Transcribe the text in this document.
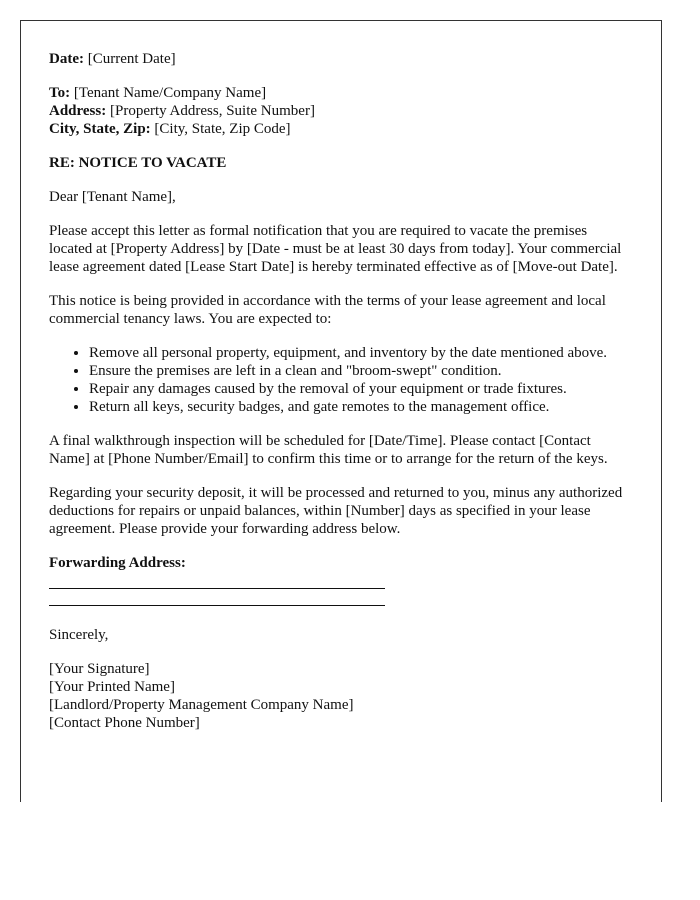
Date: [Current Date]

To: [Tenant Name/Company Name]
Address: [Property Address, Suite Number]
City, State, Zip: [City, State, Zip Code]

RE: NOTICE TO VACATE

Dear [Tenant Name],

Please accept this letter as formal notification that you are required to vacate the premises located at [Property Address] by [Date - must be at least 30 days from today]. Your commercial lease agreement dated [Lease Start Date] is hereby terminated effective as of [Move-out Date].

This notice is being provided in accordance with the terms of your lease agreement and local commercial tenancy laws. You are expected to:

• Remove all personal property, equipment, and inventory by the date mentioned above.
• Ensure the premises are left in a clean and "broom-swept" condition.
• Repair any damages caused by the removal of your equipment or trade fixtures.
• Return all keys, security badges, and gate remotes to the management office.

A final walkthrough inspection will be scheduled for [Date/Time]. Please contact [Contact Name] at [Phone Number/Email] to confirm this time or to arrange for the return of the keys.

Regarding your security deposit, it will be processed and returned to you, minus any authorized deductions for repairs or unpaid balances, within [Number] days as specified in your lease agreement. Please provide your forwarding address below.

Forwarding Address:

Sincerely,

[Your Signature]
[Your Printed Name]
[Landlord/Property Management Company Name]
[Contact Phone Number]
